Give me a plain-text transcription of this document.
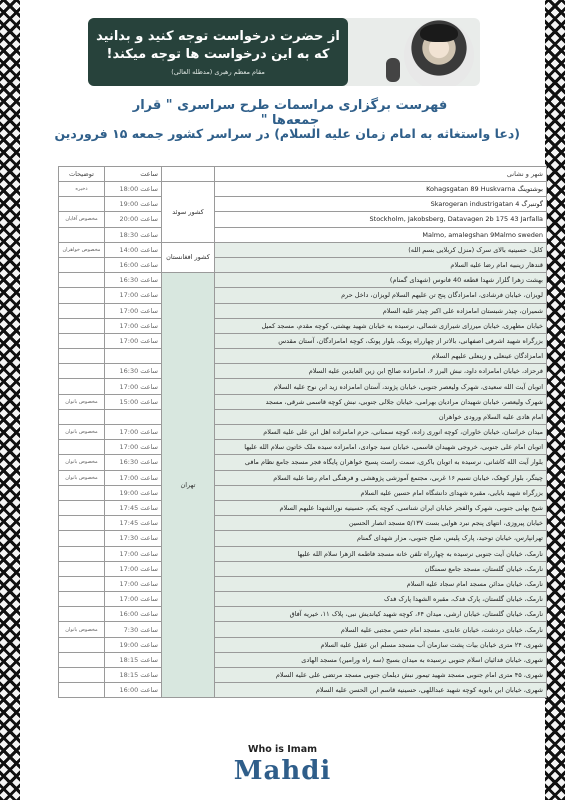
از حضرت درخواست توجه کنید و بدانید
که به این درخواست ها توجه میکند!
مقام معظم رهبری (مدظله العالی)
فهرست برگزاری مراسمات طرح سراسری " قرار جمعه‌ها "
(دعا واستغاثه به امام زمان علیه السلام) در سراسر کشور جمعه ۱۵ فروردین
شهر و نشانی		ساعت	توضیحات
بوشتوینگ Kohagsgatan 89 Huskvarna	کشور سوئد	ساعت 18:00	ذخیره
گوتنبرگ Skarogeran industrigatan 4		ساعت 19:00	
Stockholm, Jakobsberg, Datavagen 2b 175 43 Jarfalla		ساعت 20:00	مخصوص آقایان
Malmo, amalegshan 9Malmo sweden		ساعت 18:30	
کابل، حسینیه بالای سرک (منزل کربلایی بسم الله)	کشور افغانستان	ساعت 14:00	مخصوص خواهران
قندهار زینبیه امام رضا علیه السلام		ساعت 16:00	
بهشت زهرا گلزار شهدا قطعه 40 فانوس (شهدای گمنام)	تهران	ساعت 16:30	
لویزان، خیابان فرشادی، امامزادگان پنج تن علیهم السلام لویزان، داخل حرم		ساعت 17:00	
شمیران، چیذر شبستان امامزاده علی اکبر چیذر علیه السلام		ساعت 17:00	
خیابان مطهری، خیابان میرزای شیرازی شمالی، نرسیده به خیابان شهید بهشتی، کوچه مقدم، مسجد کمیل		ساعت 17:00	
بزرگراه شهید اشرفی اصفهانی، بالاتر از چهارراه پونک، بلوار پونک، کوچه امامزادگان، آستان مقدس		ساعت 17:00	
امامزادگان عینعلی و زینعلی علیهم السلام			
فرحزاد، خیابان امامزاده داود، نبش البرز ۶، امامزاده صالح ابن زین العابدین علیه السلام		ساعت 16:30	
اتوبان آیت الله سعیدی، شهرک ولیعصر جنوبی، خیابان پژوند، آستان امامزاده زید ابن نوح علیه السلام		ساعت 17:00	
شهرک ولیعصر، خیابان شهیدان مرادیان بهرامی، خیابان جلالی جنوبی، نبش کوچه قاسمی شرقی، مسجد		ساعت 15:00	مخصوص بانوان
امام هادی علیه السلام ورودی خواهران			
میدان خراسان، خیابان خاوران، کوچه انوری زاده، کوچه سمنانی، حرم امامزاده اهل ابن علی علیه السلام		ساعت 17:00	مخصوص بانوان
اتوبان امام علی جنوبی، خروجی شهیدان قاسمی، خیابان سید جوادی، امامزاده سیده ملک خاتون سلام الله علیها		ساعت 17:00	
بلوار آیت الله کاشانی، نرسیده به اتوبان باکری، سمت راست پسیج خواهران پایگاه فجر مسجد جامع نظام مافی		ساعت 16:30	مخصوص بانوان
چیتگر، بلوار کوهک، خیابان نسیم ۱۶ غربی، مجتمع آموزشی پژوهشی و فرهنگی امام رضا علیه السلام		ساعت 17:00	مخصوص بانوان
بزرگراه شهید بابایی، مقبره شهدای دانشگاه امام حسین علیه السلام		ساعت 19:00	
شیخ بهایی جنوبی، شهرک والفجر خیابان ایران شناسی، کوچه یکم، حسینیه نورالشهدا علیهم السلام		ساعت 17:45	
خیابان پیروزی، انتهای پنجم نبرد هوایی بست ۵/۱۳۷ مسجد انصار الحسین		ساعت 17:45	
تهرانپارس، خیابان توحید، پارک پلیس، صلح جنوبی، مزار شهدای گمنام		ساعت 17:30	
نارمک، خیابان آیت جنوبی نرسیده به چهارراه تلفن خانه مسجد فاطمه الزهرا سلام الله علیها		ساعت 17:00	
نارمک، خیابان گلستان، مسجد جامع سمنگان		ساعت 17:00	
نارمک، خیابان مدائن مسجد امام سجاد علیه السلام		ساعت 17:00	
نارمک، خیابان گلستان، پارک فدک، مقبره الشهدا پارک فدک		ساعت 17:00	
نارمک، خیابان گلستان، خیابان ارشی، میدان ۶۴، کوچه شهید کیاندیش نبی، پلاک ۱۱، خیریه آفاق		ساعت 16:00	
نارمک، خیابان دردشت، خیابان عابدی، مسجد امام حسن مجتبی علیه السلام		ساعت 7:30	مخصوص بانوان
شهری، ۲۴ متری خیابان بیات پشت سازمان آب مسجد مسلم ابن عقیل علیه السلام		ساعت 19:00	
شهری، خیابان فدائیان اسلام جنوبی نرسیده به میدان بسیج (سه راه ورامین) مسجد الهادی		ساعت 18:15	
شهری، ۴۵ متری امام جنوبی مسجد شهید تیمور نبش دیلمان جنوبی مسجد مرتضی علی علیه السلام		ساعت 18:15	
شهری، خیابان ابن بابویه کوچه شهید عبداللهی، حسینیه قاسم ابن الحسن علیه السلام		ساعت 16:00	
Who is Imam
Mahdi
